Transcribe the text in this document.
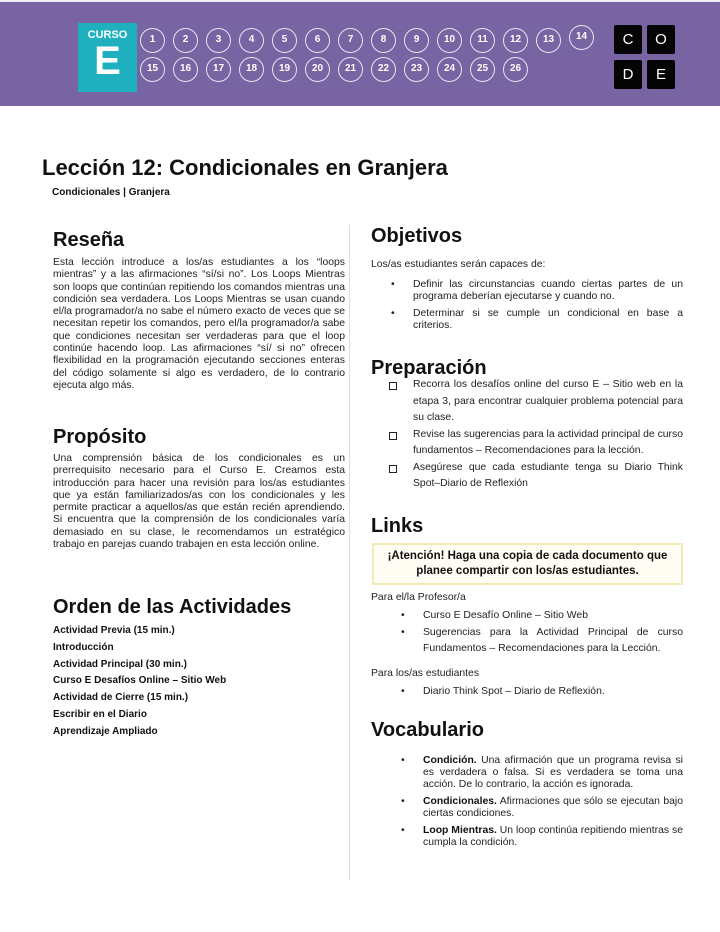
CURSO
E	1	2	3	4	5	6	7	8	9	10	11	12	13	14
15	16	17	18	19	20	21	22	23	24	25	26
C	O
D	E
Lección 12: Condicionales en Granjera
Condicionales | Granjera
Reseña
Esta lección introduce a los/as estudiantes a los “loops mientras” y a las afirmaciones “sí/si no”. Los Loops Mientras son loops que continúan repitiendo los comandos mientras una condición sea verdadera. Los Loops Mientras se usan cuando el/la programador/a no sabe el número exacto de veces que se necesitan repetir los comandos, pero el/la programador/a sabe que condiciones necesitan ser verdaderas para que el loop continúe hacendo loop. Las afirmaciones “sí/ si no” ofrecen flexibilidad en la programación ejecutando secciones enteras del código solamente si algo es verdadero, de lo contrario ejecuta algo más.
Propósito
Una comprensión básica de los condicionales es un prerrequisito necesario para el Curso E. Creamos esta introducción para hacer una revisión para los/as estudiantes que ya están familiarizados/as con los condicionales y les permite practicar a aquellos/as que están recién aprendiendo. Si encuentra que la comprensión de los condicionales varía demasiado en su clase, le recomendamos un estratégico trabajo en parejas cuando trabajen en esta lección online.
Orden de las Actividades
Actividad Previa (15 min.)
Introducción
Actividad Principal (30 min.)
Curso E Desafíos Online – Sitio Web
Actividad de Cierre (15 min.)
Escribir en el Diario
Aprendizaje Ampliado
Objetivos
Los/as estudiantes serán capaces de:
• Definir las circunstancias cuando ciertas partes de un programa deberían ejecutarse y cuando no.
• Determinar si se cumple un condicional en base a criterios.
Preparación
Recorra los desafíos online del curso E – Sitio web en la etapa 3, para encontrar cualquier problema potencial para su clase.
Revise las sugerencias para la actividad principal de curso fundamentos – Recomendaciones para la lección.
Asegúrese que cada estudiante tenga su Diario Think Spot–Diario de Reflexión
Links
¡Atención! Haga una copia de cada documento que planee compartir con los/as estudiantes.
Para el/la Profesor/a
• Curso E Desafío Online – Sitio Web
• Sugerencias para la Actividad Principal de curso Fundamentos – Recomendaciones para la Lección.
Para los/as estudiantes
• Diario Think Spot – Diario de Reflexión.
Vocabulario
• Condición. Una afirmación que un programa revisa si es verdadera o falsa. Si es verdadera se toma una acción. De lo contrario, la acción es ignorada.
• Condicionales. Afirmaciones que sólo se ejecutan bajo ciertas condiciones.
• Loop Mientras. Un loop continúa repitiendo mientras se cumpla la condición.
